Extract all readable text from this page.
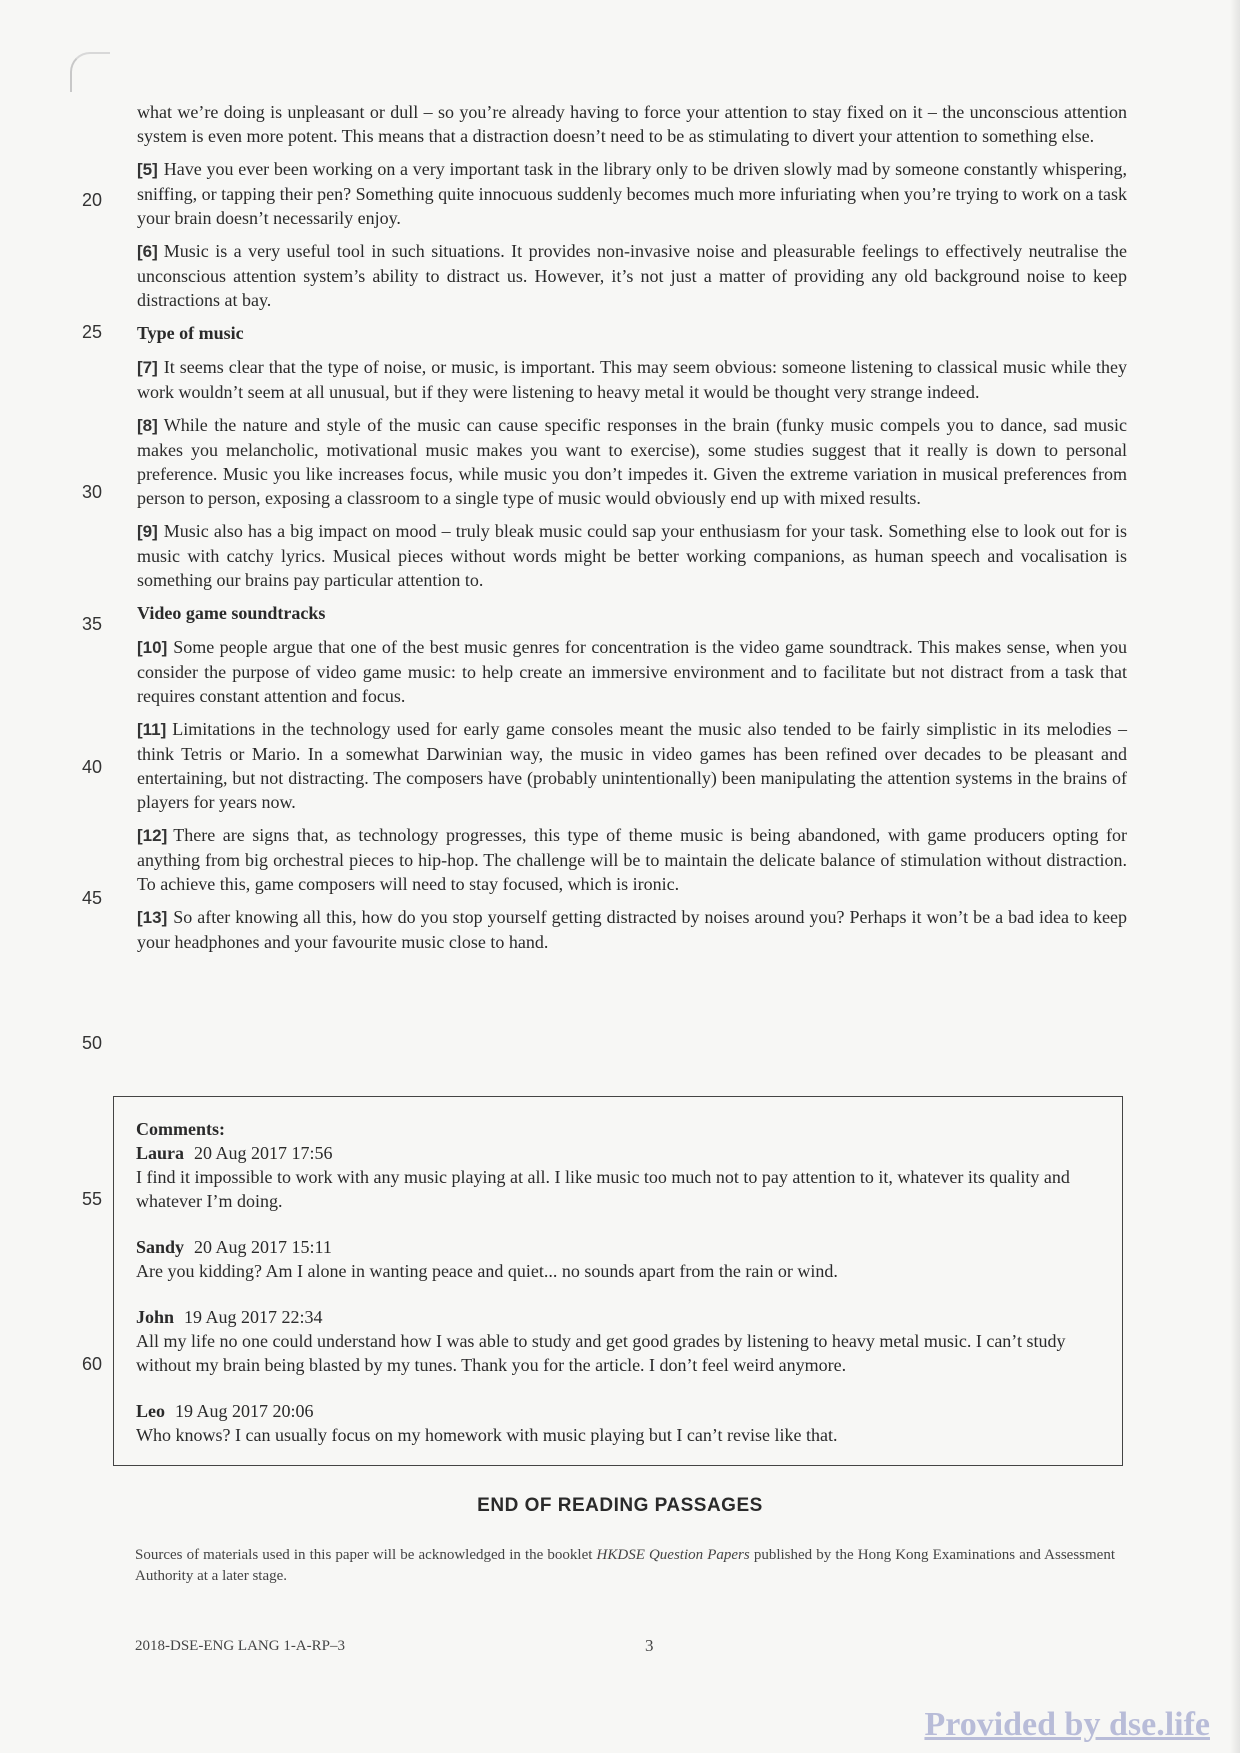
20
25
30
35
40
45
50
55
60

what we’re doing is unpleasant or dull – so you’re already having to force your attention to stay fixed on it – the unconscious attention system is even more potent. This means that a distraction doesn’t need to be as stimulating to divert your attention to something else.

[5] Have you ever been working on a very important task in the library only to be driven slowly mad by someone constantly whispering, sniffing, or tapping their pen? Something quite innocuous suddenly becomes much more infuriating when you’re trying to work on a task your brain doesn’t necessarily enjoy.

[6] Music is a very useful tool in such situations. It provides non-invasive noise and pleasurable feelings to effectively neutralise the unconscious attention system’s ability to distract us. However, it’s not just a matter of providing any old background noise to keep distractions at bay.

Type of music

[7] It seems clear that the type of noise, or music, is important. This may seem obvious: someone listening to classical music while they work wouldn’t seem at all unusual, but if they were listening to heavy metal it would be thought very strange indeed.

[8] While the nature and style of the music can cause specific responses in the brain (funky music compels you to dance, sad music makes you melancholic, motivational music makes you want to exercise), some studies suggest that it really is down to personal preference. Music you like increases focus, while music you don’t impedes it. Given the extreme variation in musical preferences from person to person, exposing a classroom to a single type of music would obviously end up with mixed results.

[9] Music also has a big impact on mood – truly bleak music could sap your enthusiasm for your task. Something else to look out for is music with catchy lyrics. Musical pieces without words might be better working companions, as human speech and vocalisation is something our brains pay particular attention to.

Video game soundtracks

[10] Some people argue that one of the best music genres for concentration is the video game soundtrack. This makes sense, when you consider the purpose of video game music: to help create an immersive environment and to facilitate but not distract from a task that requires constant attention and focus.

[11] Limitations in the technology used for early game consoles meant the music also tended to be fairly simplistic in its melodies – think Tetris or Mario. In a somewhat Darwinian way, the music in video games has been refined over decades to be pleasant and entertaining, but not distracting. The composers have (probably unintentionally) been manipulating the attention systems in the brains of players for years now.

[12] There are signs that, as technology progresses, this type of theme music is being abandoned, with game producers opting for anything from big orchestral pieces to hip-hop. The challenge will be to maintain the delicate balance of stimulation without distraction. To achieve this, game composers will need to stay focused, which is ironic.

[13] So after knowing all this, how do you stop yourself getting distracted by noises around you? Perhaps it won’t be a bad idea to keep your headphones and your favourite music close to hand.

Comments:

Laura 20 Aug 2017 17:56
I find it impossible to work with any music playing at all. I like music too much not to pay attention to it, whatever its quality and whatever I’m doing.
Sandy 20 Aug 2017 15:11
Are you kidding? Am I alone in wanting peace and quiet... no sounds apart from the rain or wind.
John 19 Aug 2017 22:34
All my life no one could understand how I was able to study and get good grades by listening to heavy metal music. I can’t study without my brain being blasted by my tunes. Thank you for the article. I don’t feel weird anymore.
Leo 19 Aug 2017 20:06
Who knows? I can usually focus on my homework with music playing but I can’t revise like that.
END OF READING PASSAGES
Sources of materials used in this paper will be acknowledged in the booklet HKDSE Question Papers published by the Hong Kong Examinations and Assessment Authority at a later stage.
2018-DSE-ENG LANG 1-A-RP–3	3
Provided by dse.life
